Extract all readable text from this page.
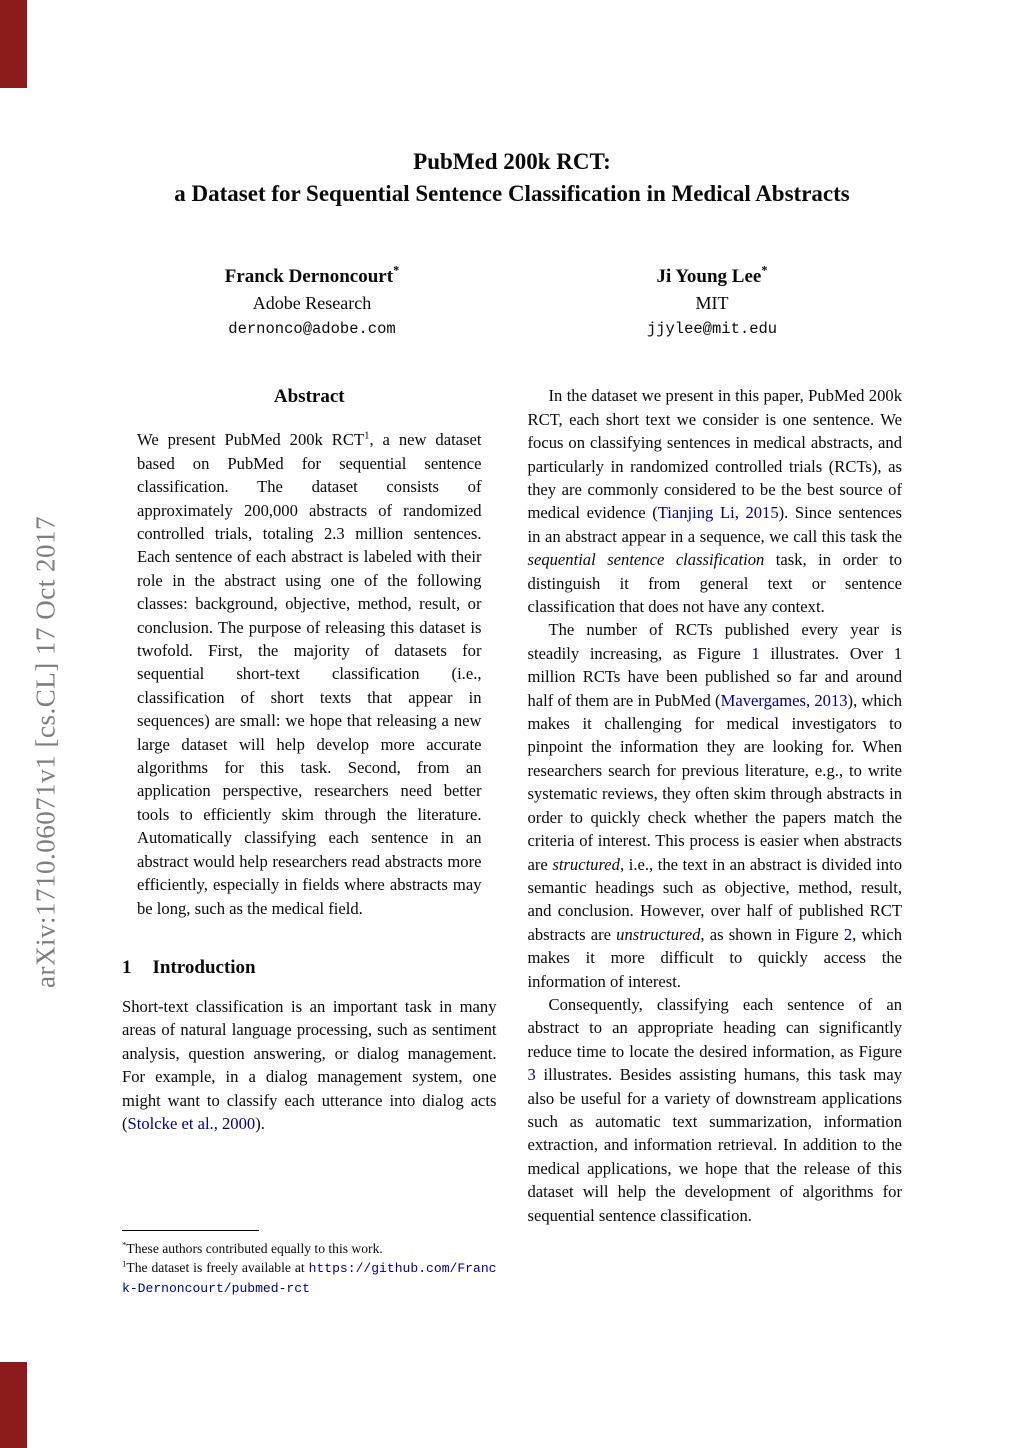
arXiv:1710.06071v1 [cs.CL] 17 Oct 2017
PubMed 200k RCT:
a Dataset for Sequential Sentence Classification in Medical Abstracts
Franck Dernoncourt*
Adobe Research
dernonco@adobe.com
Ji Young Lee*
MIT
jjylee@mit.edu
Abstract

We present PubMed 200k RCT$^1$, a new dataset based on PubMed for sequential sentence classification. The dataset consists of approximately 200,000 abstracts of randomized controlled trials, totaling 2.3 million sentences. Each sentence of each abstract is labeled with their role in the abstract using one of the following classes: background, objective, method, result, or conclusion. The purpose of releasing this dataset is twofold. First, the majority of datasets for sequential short-text classification (i.e., classification of short texts that appear in sequences) are small: we hope that releasing a new large dataset will help develop more accurate algorithms for this task. Second, from an application perspective, researchers need better tools to efficiently skim through the literature. Automatically classifying each sentence in an abstract would help researchers read abstracts more efficiently, especially in fields where abstracts may be long, such as the medical field.

1 Introduction

Short-text classification is an important task in many areas of natural language processing, such as sentiment analysis, question answering, or dialog management. For example, in a dialog management system, one might want to classify each utterance into dialog acts (Stolcke et al., 2000).

*These authors contributed equally to this work.
$^1$The dataset is freely available at https://github.com/Franck-Dernoncourt/pubmed-rct

In the dataset we present in this paper, PubMed 200k RCT, each short text we consider is one sentence. We focus on classifying sentences in medical abstracts, and particularly in randomized controlled trials (RCTs), as they are commonly considered to be the best source of medical evidence (Tianjing Li, 2015). Since sentences in an abstract appear in a sequence, we call this task the sequential sentence classification task, in order to distinguish it from general text or sentence classification that does not have any context.

The number of RCTs published every year is steadily increasing, as Figure 1 illustrates. Over 1 million RCTs have been published so far and around half of them are in PubMed (Mavergames, 2013), which makes it challenging for medical investigators to pinpoint the information they are looking for. When researchers search for previous literature, e.g., to write systematic reviews, they often skim through abstracts in order to quickly check whether the papers match the criteria of interest. This process is easier when abstracts are structured, i.e., the text in an abstract is divided into semantic headings such as objective, method, result, and conclusion. However, over half of published RCT abstracts are unstructured, as shown in Figure 2, which makes it more difficult to quickly access the information of interest.

Consequently, classifying each sentence of an abstract to an appropriate heading can significantly reduce time to locate the desired information, as Figure 3 illustrates. Besides assisting humans, this task may also be useful for a variety of downstream applications such as automatic text summarization, information extraction, and information retrieval. In addition to the medical applications, we hope that the release of this dataset will help the development of algorithms for sequential sentence classification.
